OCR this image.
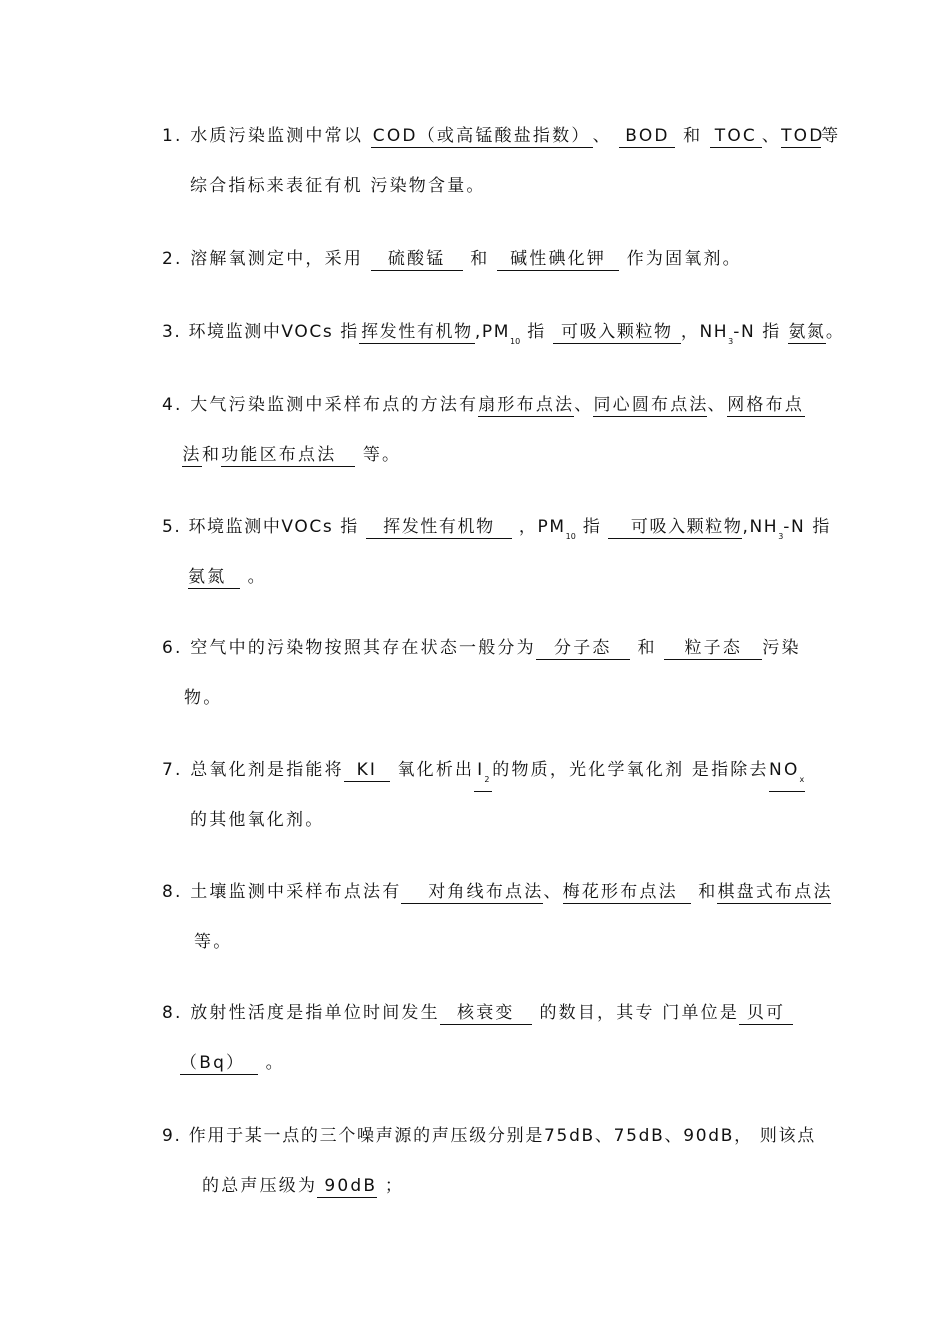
1. 水质污染监测中常以 COD（或高锰酸盐指数） 、 BOD 和 TOC 、TOD等
综合指标来表征有机 污染物含量。
2. 溶解氧测定中，采用 硫酸锰 和 碱性碘化钾 作为固氧剂。
3. 环境监测中VOCs 指 挥发性有机物 $,PM_{10}$ 指 可吸入颗粒物 ，$NH_3-N$ 指 氨氮。
4. 大气污染监测中采样布点的方法有扇形布点法、同心圆布点法、网格布点
法和功能区布点法 等。
5. 环境监测中VOCs 指 挥发性有机物 ，$PM_{10}$ 指 可吸入颗粒物$,NH_3-N$ 指
氨氮 。
6. 空气中的污染物按照其存在状态一般分为 分子态 和 粒子态 污染
物。
7. 总氧化剂是指能将 KI 氧化析出 $I_2$ 的物质，光化学氧化剂 是指除去$NO_x$
的其他氧化剂。
8. 土壤监测中采样布点法有 对角线布点法、梅花形布点法 和棋盘式布点法
等。
8. 放射性活度是指单位时间发生 核衰变 的数目，其专 门单位是 贝可
（Bq） 。
9. 作用于某一点的三个噪声源的声压级分别是75dB、75dB、90dB， 则该点
的总声压级为 90dB ；
